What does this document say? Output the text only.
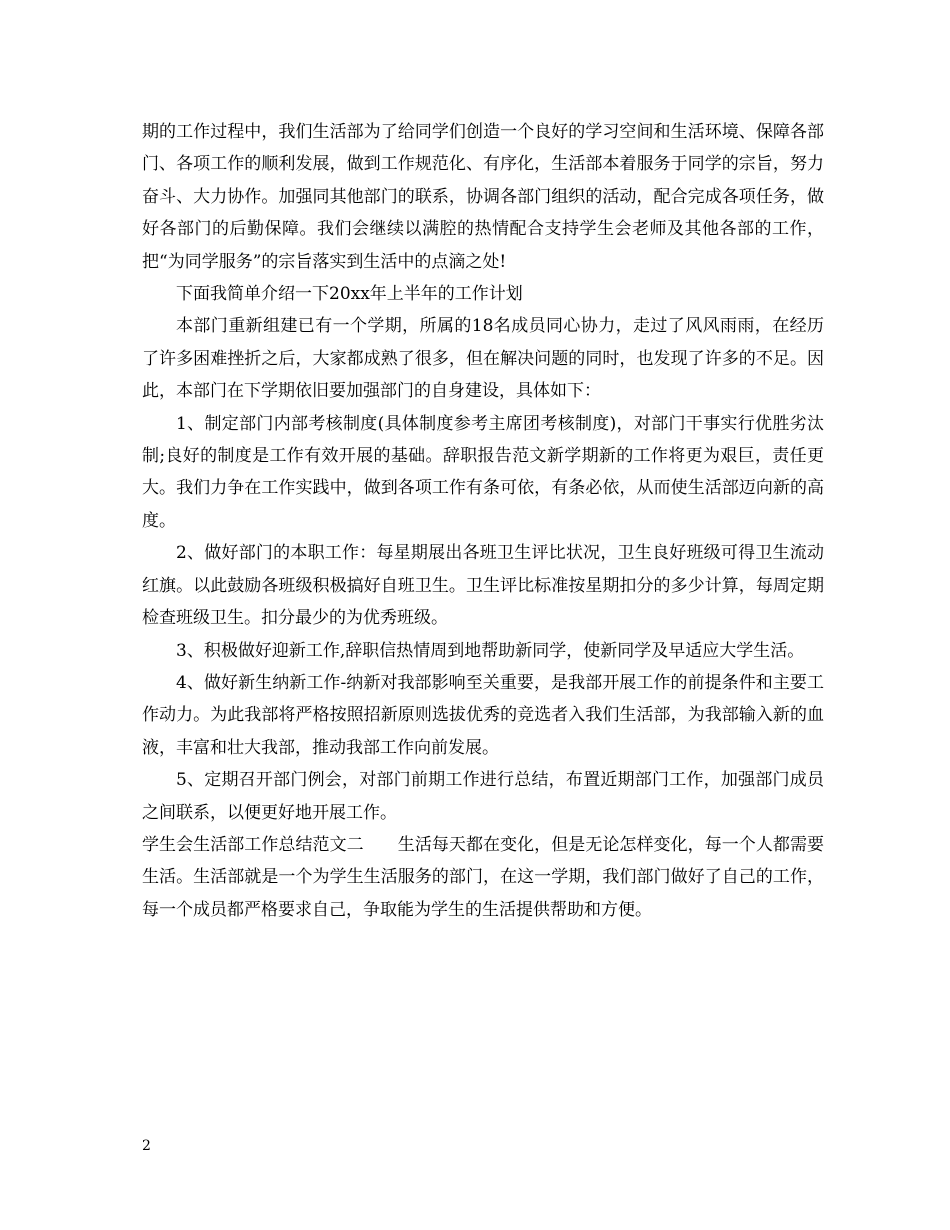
期的工作过程中，我们生活部为了给同学们创造一个良好的学习空间和生活环境、保障各部门、各项工作的顺利发展，做到工作规范化、有序化，生活部本着服务于同学的宗旨，努力奋斗、大力协作。加强同其他部门的联系，协调各部门组织的活动，配合完成各项任务，做好各部门的后勤保障。我们会继续以满腔的热情配合支持学生会老师及其他各部的工作，把“为同学服务”的宗旨落实到生活中的点滴之处!

下面我简单介绍一下20xx年上半年的工作计划

本部门重新组建已有一个学期，所属的18名成员同心协力，走过了风风雨雨，在经历了许多困难挫折之后，大家都成熟了很多，但在解决问题的同时，也发现了许多的不足。因此，本部门在下学期依旧要加强部门的自身建设，具体如下：

1、制定部门内部考核制度(具体制度参考主席团考核制度)，对部门干事实行优胜劣汰制;良好的制度是工作有效开展的基础。辞职报告范文新学期新的工作将更为艰巨，责任更大。我们力争在工作实践中，做到各项工作有条可依，有条必依，从而使生活部迈向新的高度。

2、做好部门的本职工作：每星期展出各班卫生评比状况，卫生良好班级可得卫生流动红旗。以此鼓励各班级积极搞好自班卫生。卫生评比标准按星期扣分的多少计算，每周定期检查班级卫生。扣分最少的为优秀班级。

3、积极做好迎新工作,辞职信热情周到地帮助新同学，使新同学及早适应大学生活。

4、做好新生纳新工作-纳新对我部影响至关重要，是我部开展工作的前提条件和主要工作动力。为此我部将严格按照招新原则选拔优秀的竞选者入我们生活部，为我部输入新的血液，丰富和壮大我部，推动我部工作向前发展。

5、定期召开部门例会，对部门前期工作进行总结，布置近期部门工作，加强部门成员之间联系，以便更好地开展工作。

学生会生活部工作总结范文二　　生活每天都在变化，但是无论怎样变化，每一个人都需要生活。生活部就是一个为学生生活服务的部门，在这一学期，我们部门做好了自己的工作，每一个成员都严格要求自己，争取能为学生的生活提供帮助和方便。

2
